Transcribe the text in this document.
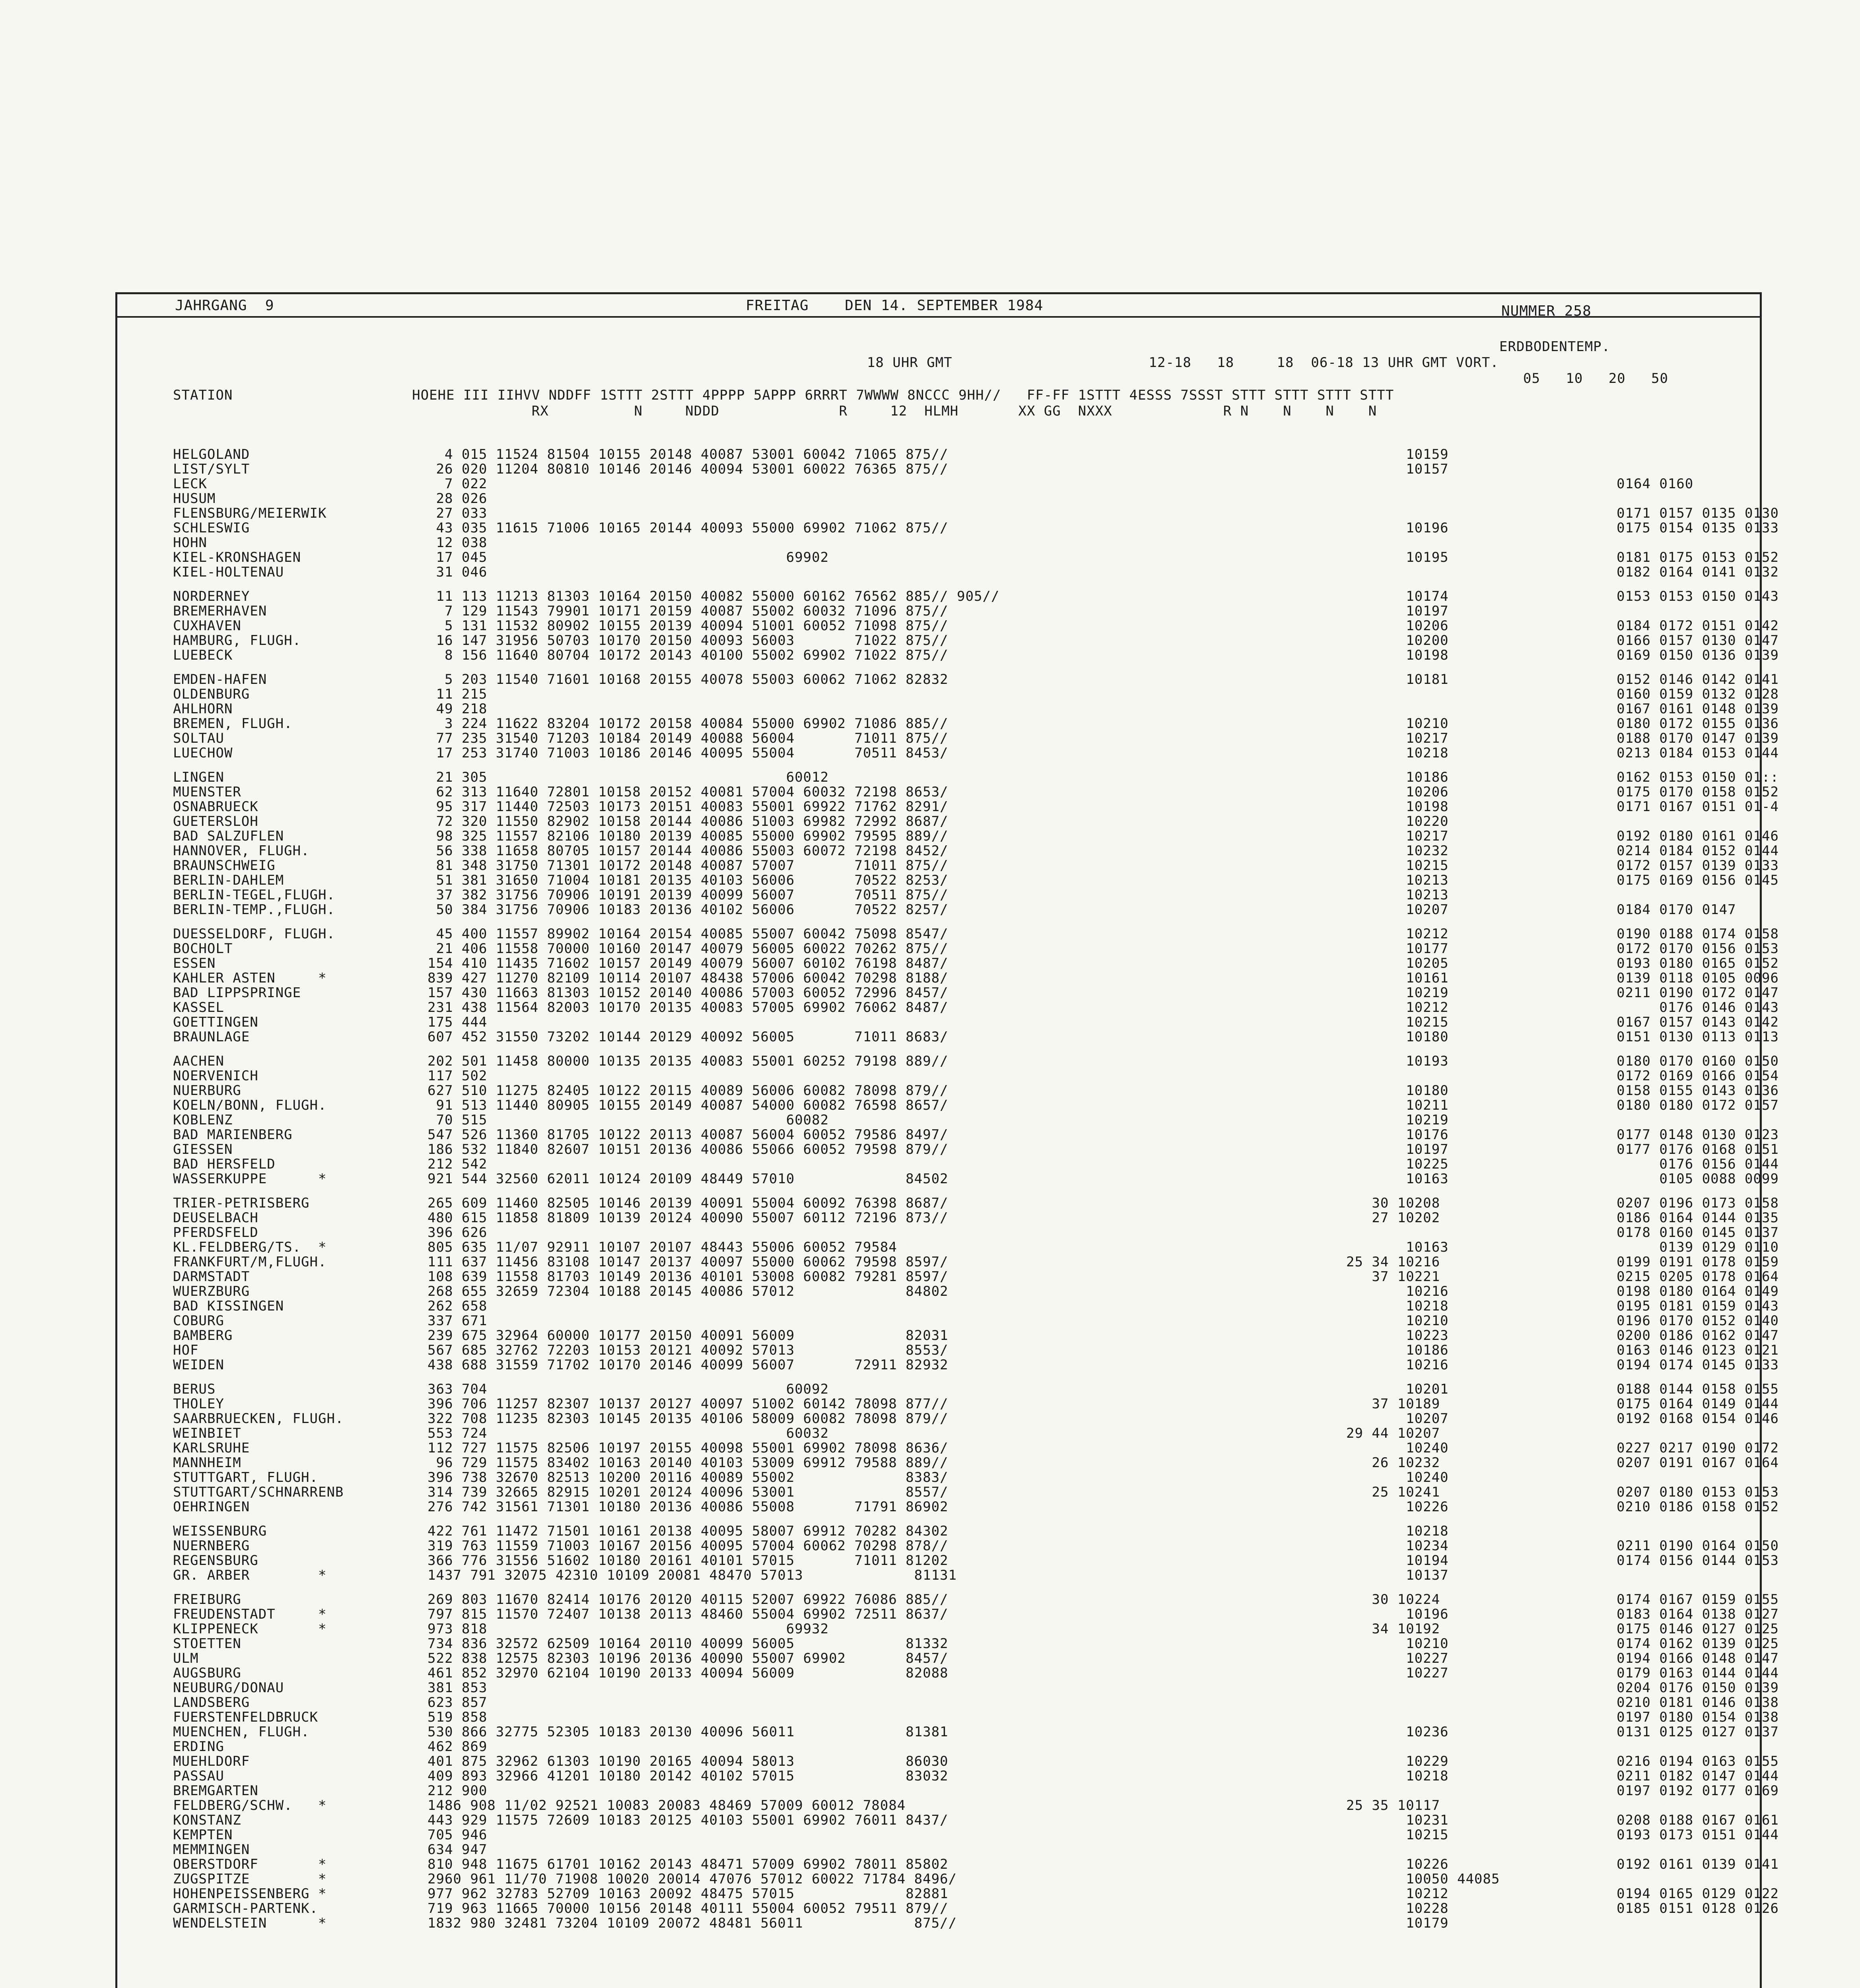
JAHRGANG  9	FREITAG    DEN 14. SEPTEMBER 1984	NUMMER 258
ERDBODENTEMP.
18 UHR GMT                       12-18   18     18  06-18 13 UHR GMT VORT.
05   10   20   50
STATION                     HOEHE III IIHVV NDDFF 1STTT 2STTT 4PPPP 5APPP 6RRRT 7WWWW 8NCCC 9HH//   FF-FF 1STTT 4ESSS 7SSST STTT STTT STTT STTT
RX          N     NDDD              R     12  HLMH       XX GG  NXXX             R N    N    N    N
HELGOLAND	4 015 11524 81504 10155 20148 40087 53001 60042 71065 875//	10159
LIST/SYLT	26 020 11204 80810 10146 20146 40094 53001 60022 76365 875//	10157
LECK	7 022	0164 0160
HUSUM	28 026
FLENSBURG/MEIERWIK	27 033	0171 0157 0135 0130
SCHLESWIG	43 035 11615 71006 10165 20144 40093 55000 69902 71062 875//	10196	0175 0154 0135 0133
HOHN	12 038
KIEL-KRONSHAGEN	17 045                                   69902	10195	0181 0175 0153 0152
KIEL-HOLTENAU	31 046	0182 0164 0141 0132
NORDERNEY	11 113 11213 81303 10164 20150 40082 55000 60162 76562 885// 905//	10174	0153 0153 0150 0143
BREMERHAVEN	7 129 11543 79901 10171 20159 40087 55002 60032 71096 875//	10197
CUXHAVEN	5 131 11532 80902 10155 20139 40094 51001 60052 71098 875//	10206	0184 0172 0151 0142
HAMBURG, FLUGH.	16 147 31956 50703 10170 20150 40093 56003       71022 875//	10200	0166 0157 0130 0147
LUEBECK	8 156 11640 80704 10172 20143 40100 55002 69902 71022 875//	10198	0169 0150 0136 0139
EMDEN-HAFEN	5 203 11540 71601 10168 20155 40078 55003 60062 71062 82832	10181	0152 0146 0142 0141
OLDENBURG	11 215	0160 0159 0132 0128
AHLHORN	49 218	0167 0161 0148 0139
BREMEN, FLUGH.	3 224 11622 83204 10172 20158 40084 55000 69902 71086 885//	10210	0180 0172 0155 0136
SOLTAU	77 235 31540 71203 10184 20149 40088 56004       71011 875//	10217	0188 0170 0147 0139
LUECHOW	17 253 31740 71003 10186 20146 40095 55004       70511 8453/	10218	0213 0184 0153 0144
LINGEN	21 305                                   60012	10186	0162 0153 0150 01::
MUENSTER	62 313 11640 72801 10158 20152 40081 57004 60032 72198 8653/	10206	0175 0170 0158 0152
OSNABRUECK	95 317 11440 72503 10173 20151 40083 55001 69922 71762 8291/	10198	0171 0167 0151 01-4
GUETERSLOH	72 320 11550 82902 10158 20144 40086 51003 69982 72992 8687/	10220
BAD SALZUFLEN	98 325 11557 82106 10180 20139 40085 55000 69902 79595 889//	10217	0192 0180 0161 0146
HANNOVER, FLUGH.	56 338 11658 80705 10157 20144 40086 55003 60072 72198 8452/	10232	0214 0184 0152 0144
BRAUNSCHWEIG	81 348 31750 71301 10172 20148 40087 57007       71011 875//	10215	0172 0157 0139 0133
BERLIN-DAHLEM	51 381 31650 71004 10181 20135 40103 56006       70522 8253/	10213	0175 0169 0156 0145
BERLIN-TEGEL,FLUGH.	37 382 31756 70906 10191 20139 40099 56007       70511 875//	10213
BERLIN-TEMP.,FLUGH.	50 384 31756 70906 10183 20136 40102 56006       70522 8257/	10207	0184 0170 0147
DUESSELDORF, FLUGH.	45 400 11557 89902 10164 20154 40085 55007 60042 75098 8547/	10212	0190 0188 0174 0158
BOCHOLT	21 406 11558 70000 10160 20147 40079 56005 60022 70262 875//	10177	0172 0170 0156 0153
ESSEN	154 410 11435 71602 10157 20149 40079 56007 60102 76198 8487/	10205	0193 0180 0165 0152
KAHLER ASTEN     *	839 427 11270 82109 10114 20107 48438 57006 60042 70298 8188/	10161	0139 0118 0105 0096
BAD LIPPSPRINGE	157 430 11663 81303 10152 20140 40086 57003 60052 72996 8457/	10219	0211 0190 0172 0147
KASSEL	231 438 11564 82003 10170 20135 40083 57005 69902 76062 8487/	10212	0176 0146 0143
GOETTINGEN	175 444	10215	0167 0157 0143 0142
BRAUNLAGE	607 452 31550 73202 10144 20129 40092 56005       71011 8683/	10180	0151 0130 0113 0113
AACHEN	202 501 11458 80000 10135 20135 40083 55001 60252 79198 889//	10193	0180 0170 0160 0150
NOERVENICH	117 502	0172 0169 0166 0154
NUERBURG	627 510 11275 82405 10122 20115 40089 56006 60082 78098 879//	10180	0158 0155 0143 0136
KOELN/BONN, FLUGH.	91 513 11440 80905 10155 20149 40087 54000 60082 76598 8657/	10211	0180 0180 0172 0157
KOBLENZ	70 515                                   60082	10219
BAD MARIENBERG	547 526 11360 81705 10122 20113 40087 56004 60052 79586 8497/	10176	0177 0148 0130 0123
GIESSEN	186 532 11840 82607 10151 20136 40086 55066 60052 79598 879//	10197	0177 0176 0168 0151
BAD HERSFELD	212 542	10225	0176 0156 0144
WASSERKUPPE      *	921 544 32560 62011 10124 20109 48449 57010             84502	10163	0105 0088 0099
TRIER-PETRISBERG	265 609 11460 82505 10146 20139 40091 55004 60092 76398 8687/	30 10208	0207 0196 0173 0158
DEUSELBACH	480 615 11858 81809 10139 20124 40090 55007 60112 72196 873//	27 10202	0186 0164 0144 0135
PFERDSFELD	396 626	0178 0160 0145 0137
KL.FELDBERG/TS.  *	805 635 11/07 92911 10107 20107 48443 55006 60052 79584	10163	0139 0129 0110
FRANKFURT/M,FLUGH.	111 637 11456 83108 10147 20137 40097 55000 60062 79598 8597/	25 34 10216	0199 0191 0178 0159
DARMSTADT	108 639 11558 81703 10149 20136 40101 53008 60082 79281 8597/	37 10221	0215 0205 0178 0164
WUERZBURG	268 655 32659 72304 10188 20145 40086 57012             84802	10216	0198 0180 0164 0149
BAD KISSINGEN	262 658	10218	0195 0181 0159 0143
COBURG	337 671	10210	0196 0170 0152 0140
BAMBERG	239 675 32964 60000 10177 20150 40091 56009             82031	10223	0200 0186 0162 0147
HOF	567 685 32762 72203 10153 20121 40092 57013             8553/	10186	0163 0146 0123 0121
WEIDEN	438 688 31559 71702 10170 20146 40099 56007       72911 82932	10216	0194 0174 0145 0133
BERUS	363 704                                   60092	10201	0188 0144 0158 0155
THOLEY	396 706 11257 82307 10137 20127 40097 51002 60142 78098 877//	37 10189	0175 0164 0149 0144
SAARBRUECKEN, FLUGH.	322 708 11235 82303 10145 20135 40106 58009 60082 78098 879//	10207	0192 0168 0154 0146
WEINBIET	553 724                                   60032	29 44 10207
KARLSRUHE	112 727 11575 82506 10197 20155 40098 55001 69902 78098 8636/	10240	0227 0217 0190 0172
MANNHEIM	96 729 11575 83402 10163 20140 40103 53009 69912 79588 889//	26 10232	0207 0191 0167 0164
STUTTGART, FLUGH.	396 738 32670 82513 10200 20116 40089 55002             8383/	10240
STUTTGART/SCHNARRENB	314 739 32665 82915 10201 20124 40096 53001             8557/	25 10241	0207 0180 0153 0153
OEHRINGEN	276 742 31561 71301 10180 20136 40086 55008       71791 86902	10226	0210 0186 0158 0152
WEISSENBURG	422 761 11472 71501 10161 20138 40095 58007 69912 70282 84302	10218
NUERNBERG	319 763 11559 71003 10167 20156 40095 57004 60062 70298 878//	10234	0211 0190 0164 0150
REGENSBURG	366 776 31556 51602 10180 20161 40101 57015       71011 81202	10194	0174 0156 0144 0153
GR. ARBER        *	1437 791 32075 42310 10109 20081 48470 57013             81131	10137
FREIBURG	269 803 11670 82414 10176 20120 40115 52007 69922 76086 885//	30 10224	0174 0167 0159 0155
FREUDENSTADT     *	797 815 11570 72407 10138 20113 48460 55004 69902 72511 8637/	10196	0183 0164 0138 0127
KLIPPENECK       *	973 818                                   69932	34 10192	0175 0146 0127 0125
STOETTEN	734 836 32572 62509 10164 20110 40099 56005             81332	10210	0174 0162 0139 0125
ULM	522 838 12575 82303 10196 20136 40090 55007 69902       8457/	10227	0194 0166 0148 0147
AUGSBURG	461 852 32970 62104 10190 20133 40094 56009             82088	10227	0179 0163 0144 0144
NEUBURG/DONAU	381 853	0204 0176 0150 0139
LANDSBERG	623 857	0210 0181 0146 0138
FUERSTENFELDBRUCK	519 858	0197 0180 0154 0138
MUENCHEN, FLUGH.	530 866 32775 52305 10183 20130 40096 56011             81381	10236	0131 0125 0127 0137
ERDING	462 869
MUEHLDORF	401 875 32962 61303 10190 20165 40094 58013             86030	10229	0216 0194 0163 0155
PASSAU	409 893 32966 41201 10180 20142 40102 57015             83032	10218	0211 0182 0147 0144
BREMGARTEN	212 900	0197 0192 0177 0169
FELDBERG/SCHW.   *	1486 908 11/02 92521 10083 20083 48469 57009 60012 78084	25 35 10117
KONSTANZ	443 929 11575 72609 10183 20125 40103 55001 69902 76011 8437/	10231	0208 0188 0167 0161
KEMPTEN	705 946	10215	0193 0173 0151 0144
MEMMINGEN	634 947
OBERSTDORF       *	810 948 11675 61701 10162 20143 48471 57009 69902 78011 85802	10226	0192 0161 0139 0141
ZUGSPITZE        *	2960 961 11/70 71908 10020 20014 47076 57012 60022 71784 8496/	10050 44085
HOHENPEISSENBERG *	977 962 32783 52709 10163 20092 48475 57015             82881	10212	0194 0165 0129 0122
GARMISCH-PARTENK.	719 963 11665 70000 10156 20148 40111 55004 60052 79511 879//	10228	0185 0151 0128 0126
WENDELSTEIN      *	1832 980 32481 73204 10109 20072 48481 56011             875//	10179
